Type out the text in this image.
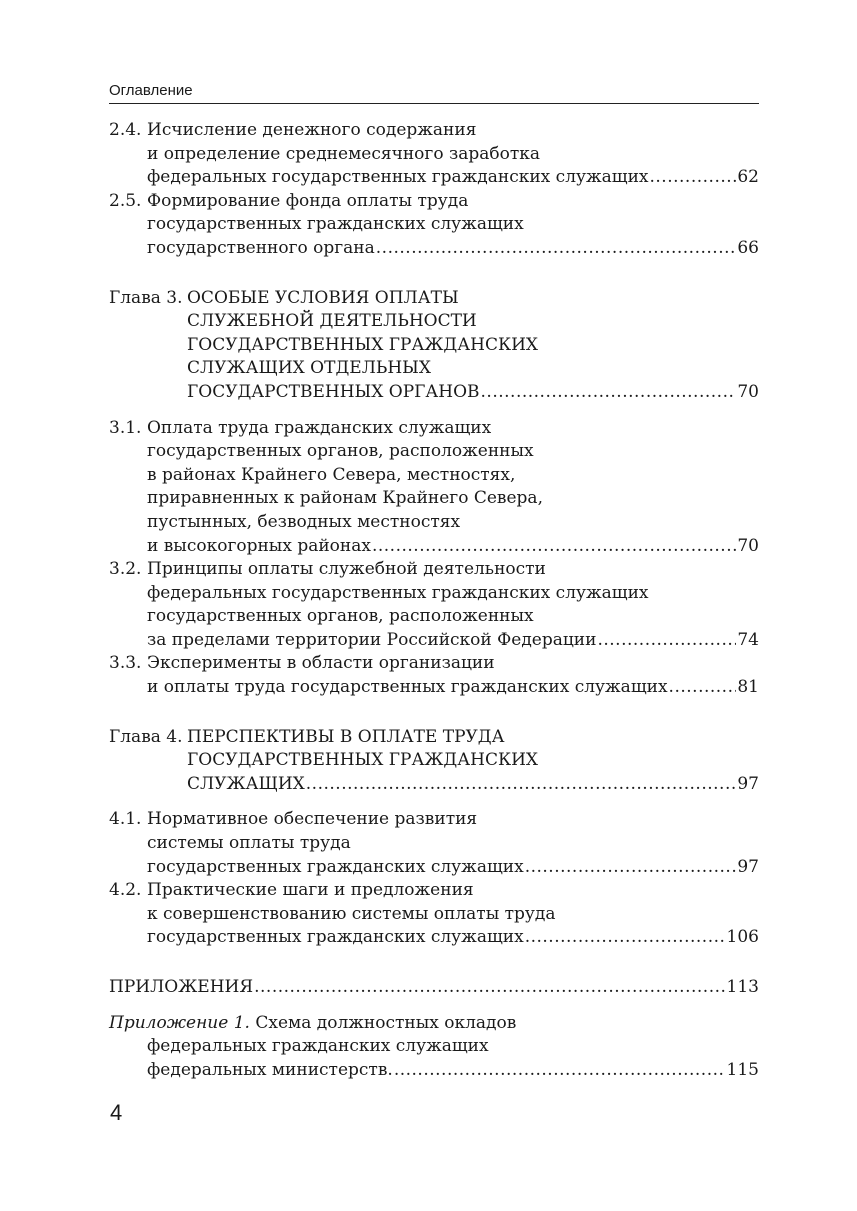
Оглавление
2.4. Исчисление денежного содержания
и определение среднемесячного заработка
федеральных государственных гражданских служащих .....	62
2.5. Формирование фонда оплаты труда
государственных гражданских служащих
государственного органа .....	66
Глава 3. ОСОБЫЕ УСЛОВИЯ ОПЛАТЫ
СЛУЖЕБНОЙ ДЕЯТЕЛЬНОСТИ
ГОСУДАРСТВЕННЫХ ГРАЖДАНСКИХ
СЛУЖАЩИХ ОТДЕЛЬНЫХ
ГОСУДАРСТВЕННЫХ ОРГАНОВ .....	70
3.1. Оплата труда гражданских служащих
государственных органов, расположенных
в районах Крайнего Севера, местностях,
приравненных к районам Крайнего Севера,
пустынных, безводных местностях
и высокогорных районах .....	70
3.2. Принципы оплаты служебной деятельности
федеральных государственных гражданских служащих
государственных органов, расположенных
за пределами территории Российской Федерации .....	74
3.3. Эксперименты в области организации
и оплаты труда государственных гражданских служащих .....	81
Глава 4. ПЕРСПЕКТИВЫ В ОПЛАТЕ ТРУДА
ГОСУДАРСТВЕННЫХ ГРАЖДАНСКИХ
СЛУЖАЩИХ .....	97
4.1. Нормативное обеспечение развития
системы оплаты труда
государственных гражданских служащих .....	97
4.2. Практические шаги и предложения
к совершенствованию системы оплаты труда
государственных гражданских служащих .....	106
ПРИЛОЖЕНИЯ .....	113
Приложение 1. Схема должностных окладов
федеральных гражданских служащих
федеральных министерств. .....	115
4
